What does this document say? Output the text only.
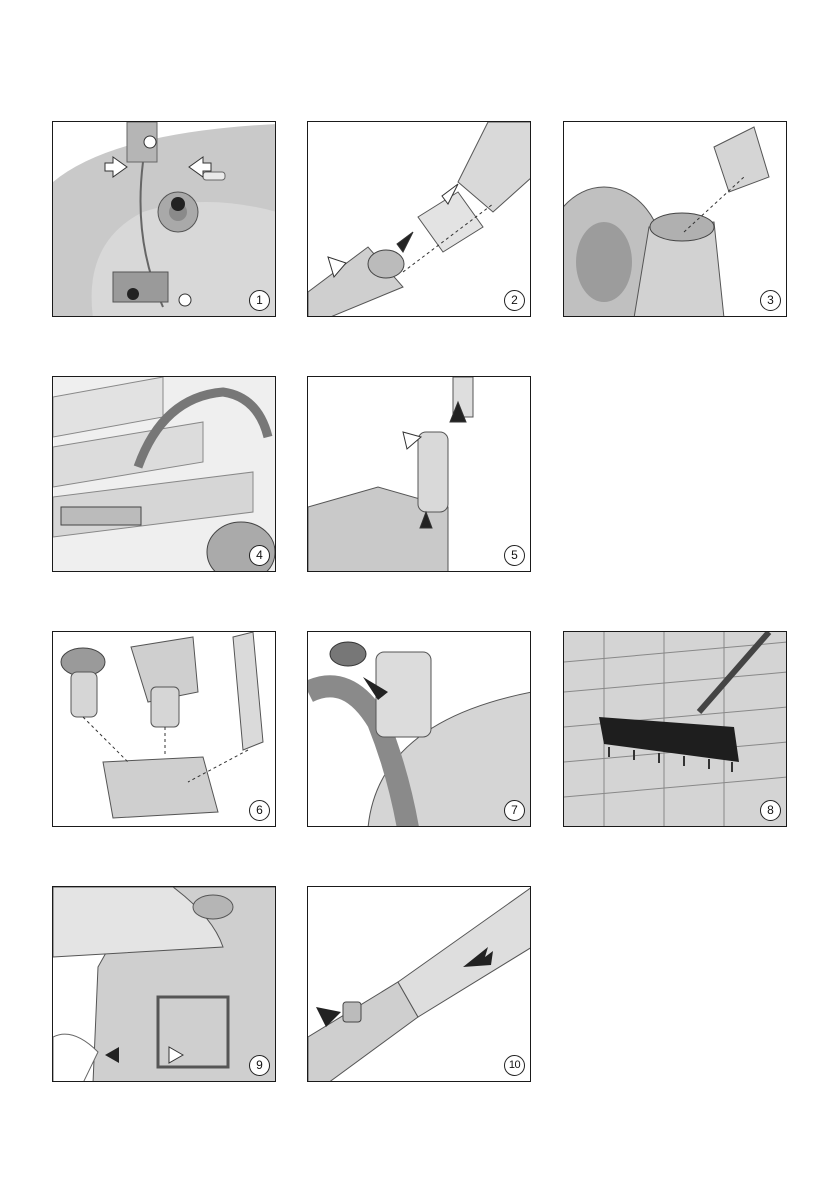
1	2	3
4	5
6	7	8
9	10
